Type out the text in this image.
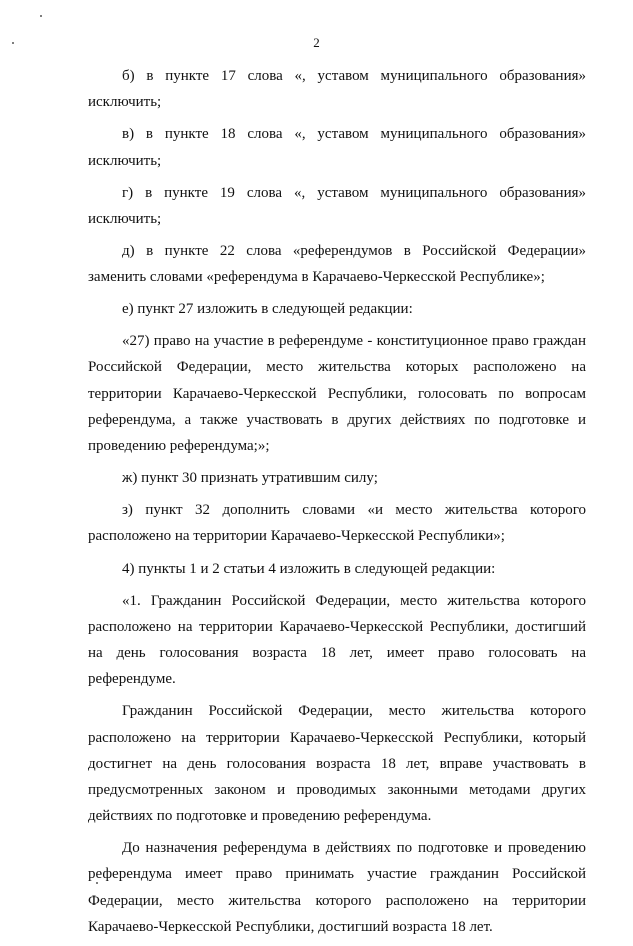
2

б) в пункте 17 слова «, уставом муниципального образования» исключить;

в) в пункте 18 слова «, уставом муниципального образования» исключить;

г) в пункте 19 слова «, уставом муниципального образования» исключить;

д) в пункте 22 слова «референдумов в Российской Федерации» заменить словами «референдума в Карачаево-Черкесской Республике»;

е) пункт 27 изложить в следующей редакции:

«27) право на участие в референдуме - конституционное право граждан Российской Федерации, место жительства которых расположено на территории Карачаево-Черкесской Республики, голосовать по вопросам референдума, а также участвовать в других действиях по подготовке и проведению референдума;»;

ж) пункт 30 признать утратившим силу;

з) пункт 32 дополнить словами «и место жительства которого расположено на территории Карачаево-Черкесской Республики»;

4) пункты 1 и 2 статьи 4 изложить в следующей редакции:

«1. Гражданин Российской Федерации, место жительства которого расположено на территории Карачаево-Черкесской Республики, достигший на день голосования возраста 18 лет, имеет право голосовать на референдуме.

Гражданин Российской Федерации, место жительства которого расположено на территории Карачаево-Черкесской Республики, который достигнет на день голосования возраста 18 лет, вправе участвовать в предусмотренных законом и проводимых законными методами других действиях по подготовке и проведению референдума.

До назначения референдума в действиях по подготовке и проведению референдума имеет право принимать участие гражданин Российской Федерации, место жительства которого расположено на территории Карачаево-Черкесской Республики, достигший возраста 18 лет.
